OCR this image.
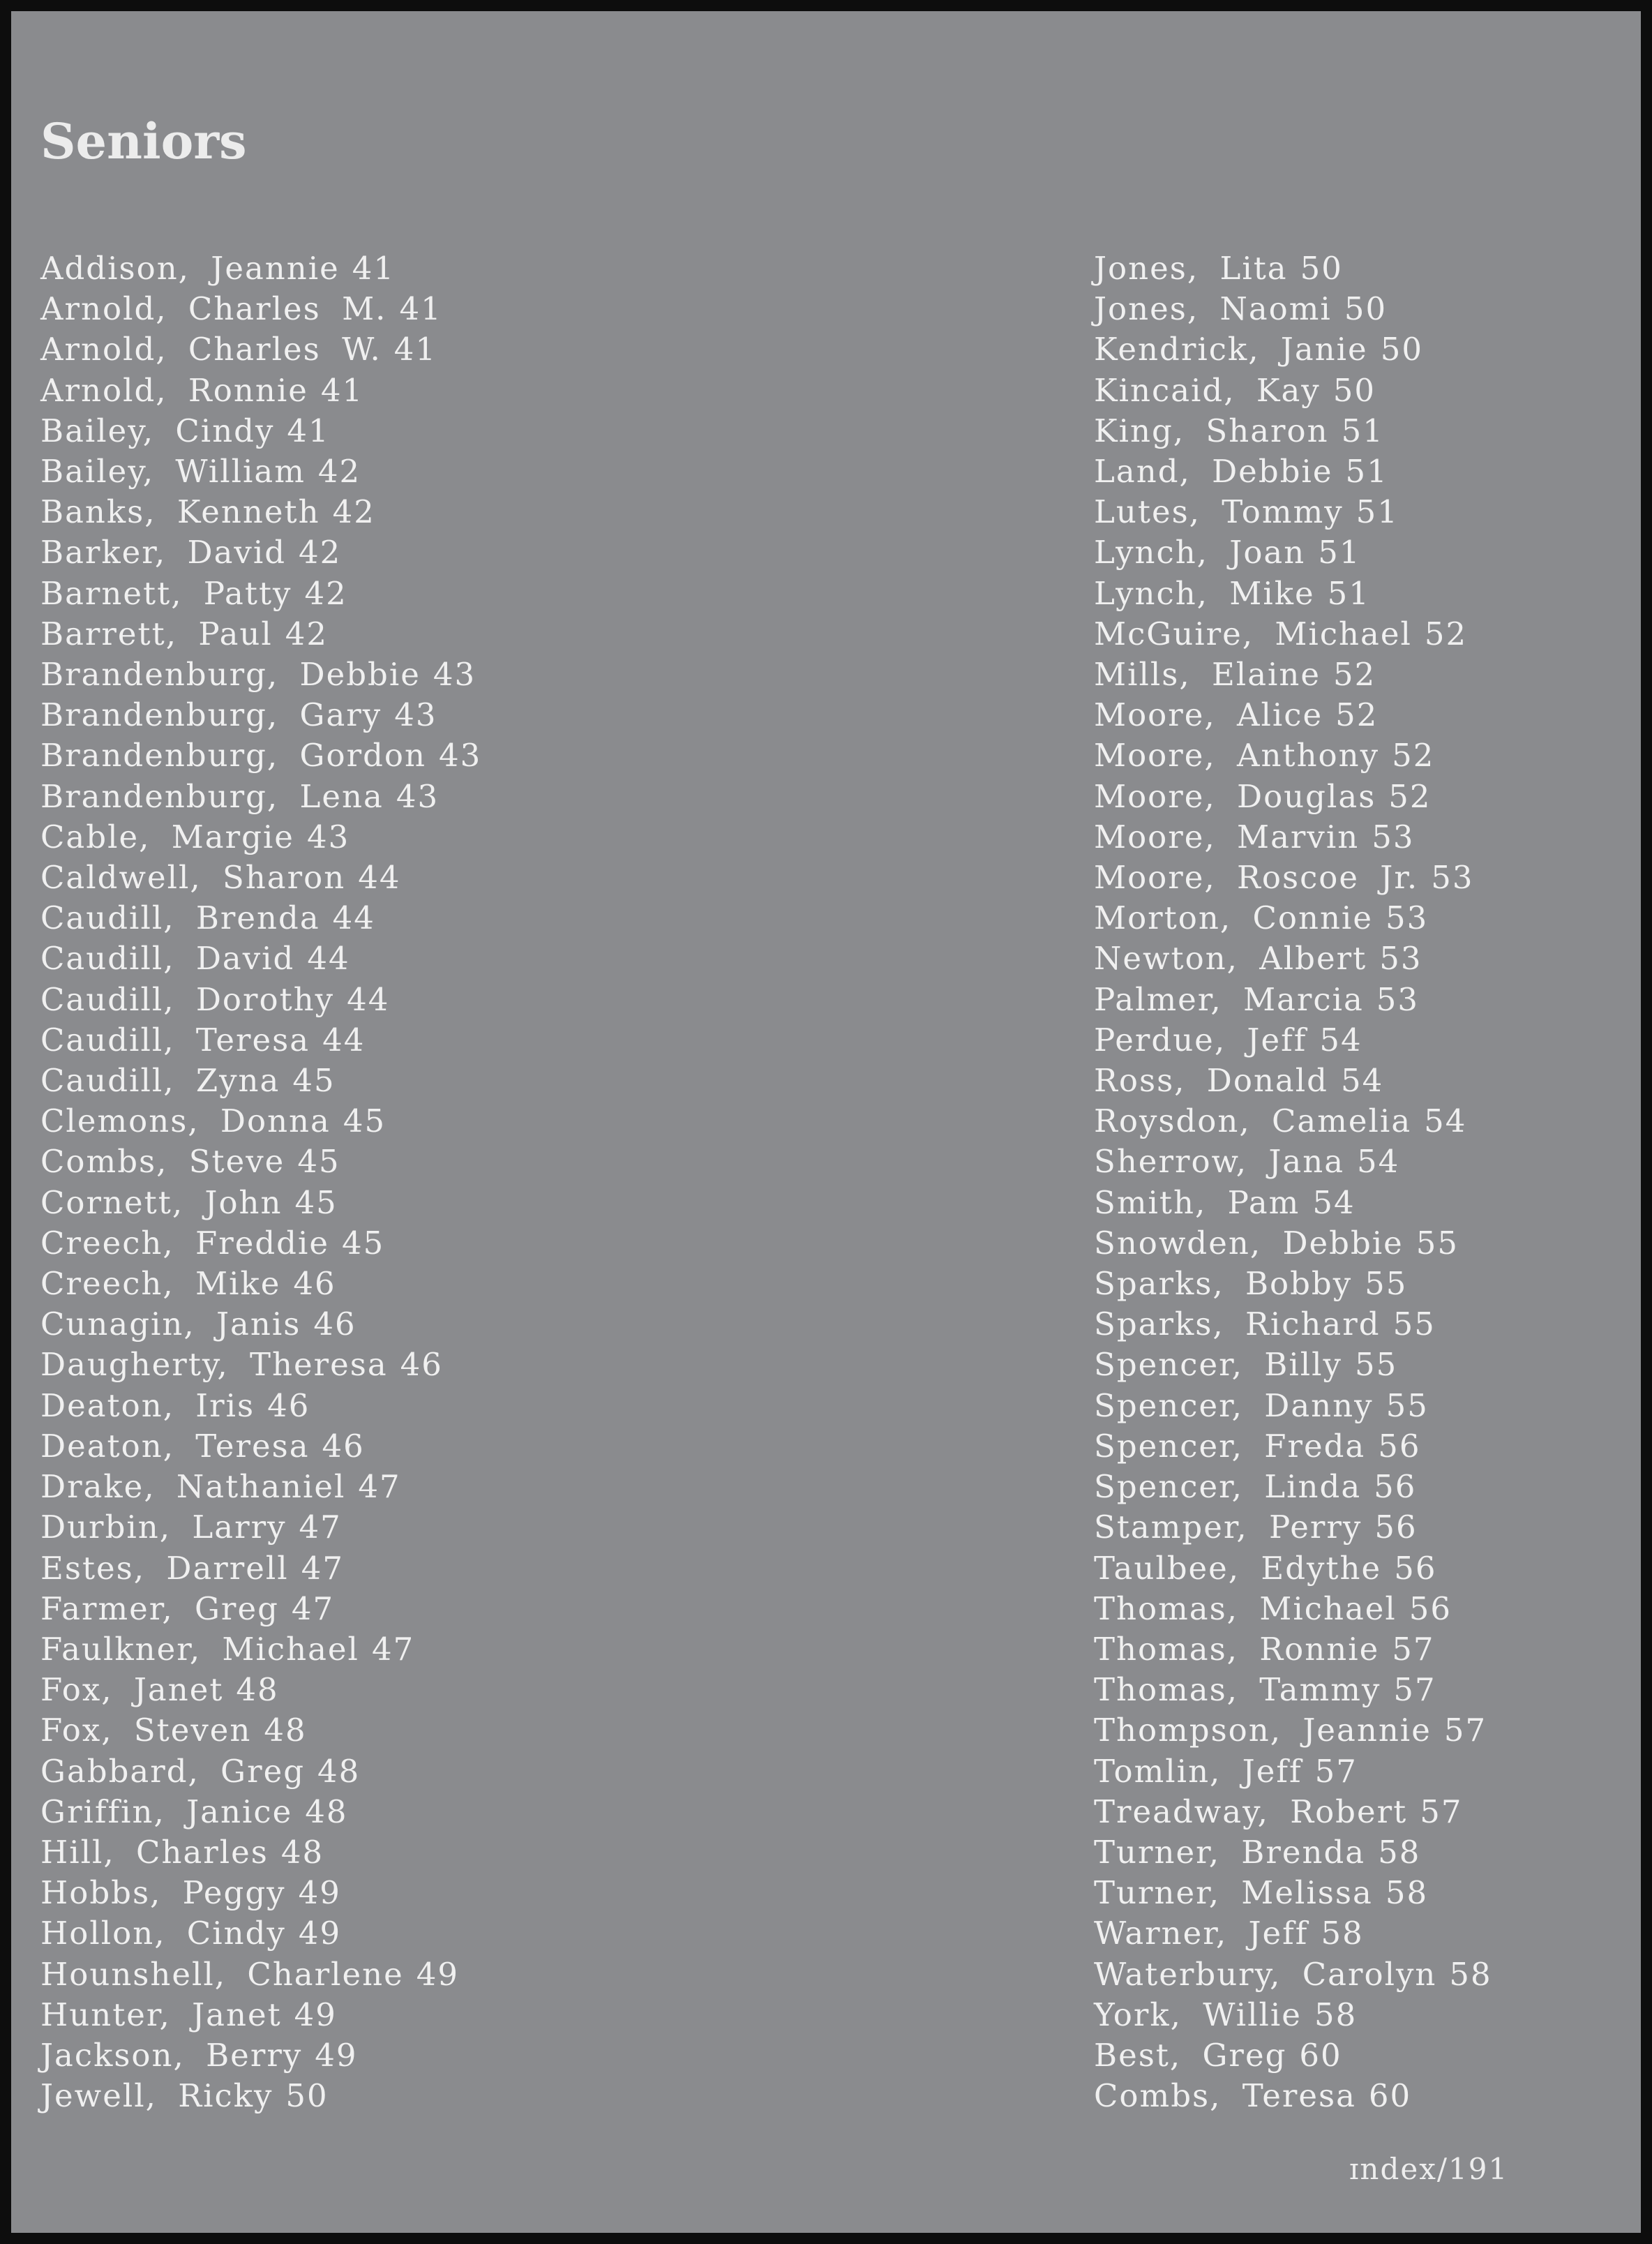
Seniors
Addison, Jeannie 41
Arnold, Charles M. 41
Arnold, Charles W. 41
Arnold, Ronnie 41
Bailey, Cindy 41
Bailey, William 42
Banks, Kenneth 42
Barker, David 42
Barnett, Patty 42
Barrett, Paul 42
Brandenburg, Debbie 43
Brandenburg, Gary 43
Brandenburg, Gordon 43
Brandenburg, Lena 43
Cable, Margie 43
Caldwell, Sharon 44
Caudill, Brenda 44
Caudill, David 44
Caudill, Dorothy 44
Caudill, Teresa 44
Caudill, Zyna 45
Clemons, Donna 45
Combs, Steve 45
Cornett, John 45
Creech, Freddie 45
Creech, Mike 46
Cunagin, Janis 46
Daugherty, Theresa 46
Deaton, Iris 46
Deaton, Teresa 46
Drake, Nathaniel 47
Durbin, Larry 47
Estes, Darrell 47
Farmer, Greg 47
Faulkner, Michael 47
Fox, Janet 48
Fox, Steven 48
Gabbard, Greg 48
Griffin, Janice 48
Hill, Charles 48
Hobbs, Peggy 49
Hollon, Cindy 49
Hounshell, Charlene 49
Hunter, Janet 49
Jackson, Berry 49
Jewell, Ricky 50
Jones, Lita 50
Jones, Naomi 50
Kendrick, Janie 50
Kincaid, Kay 50
King, Sharon 51
Land, Debbie 51
Lutes, Tommy 51
Lynch, Joan 51
Lynch, Mike 51
McGuire, Michael 52
Mills, Elaine 52
Moore, Alice 52
Moore, Anthony 52
Moore, Douglas 52
Moore, Marvin 53
Moore, Roscoe Jr. 53
Morton, Connie 53
Newton, Albert 53
Palmer, Marcia 53
Perdue, Jeff 54
Ross, Donald 54
Roysdon, Camelia 54
Sherrow, Jana 54
Smith, Pam 54
Snowden, Debbie 55
Sparks, Bobby 55
Sparks, Richard 55
Spencer, Billy 55
Spencer, Danny 55
Spencer, Freda 56
Spencer, Linda 56
Stamper, Perry 56
Taulbee, Edythe 56
Thomas, Michael 56
Thomas, Ronnie 57
Thomas, Tammy 57
Thompson, Jeannie 57
Tomlin, Jeff 57
Treadway, Robert 57
Turner, Brenda 58
Turner, Melissa 58
Warner, Jeff 58
Waterbury, Carolyn 58
York, Willie 58
Best, Greg 60
Combs, Teresa 60
ɪndex/191
